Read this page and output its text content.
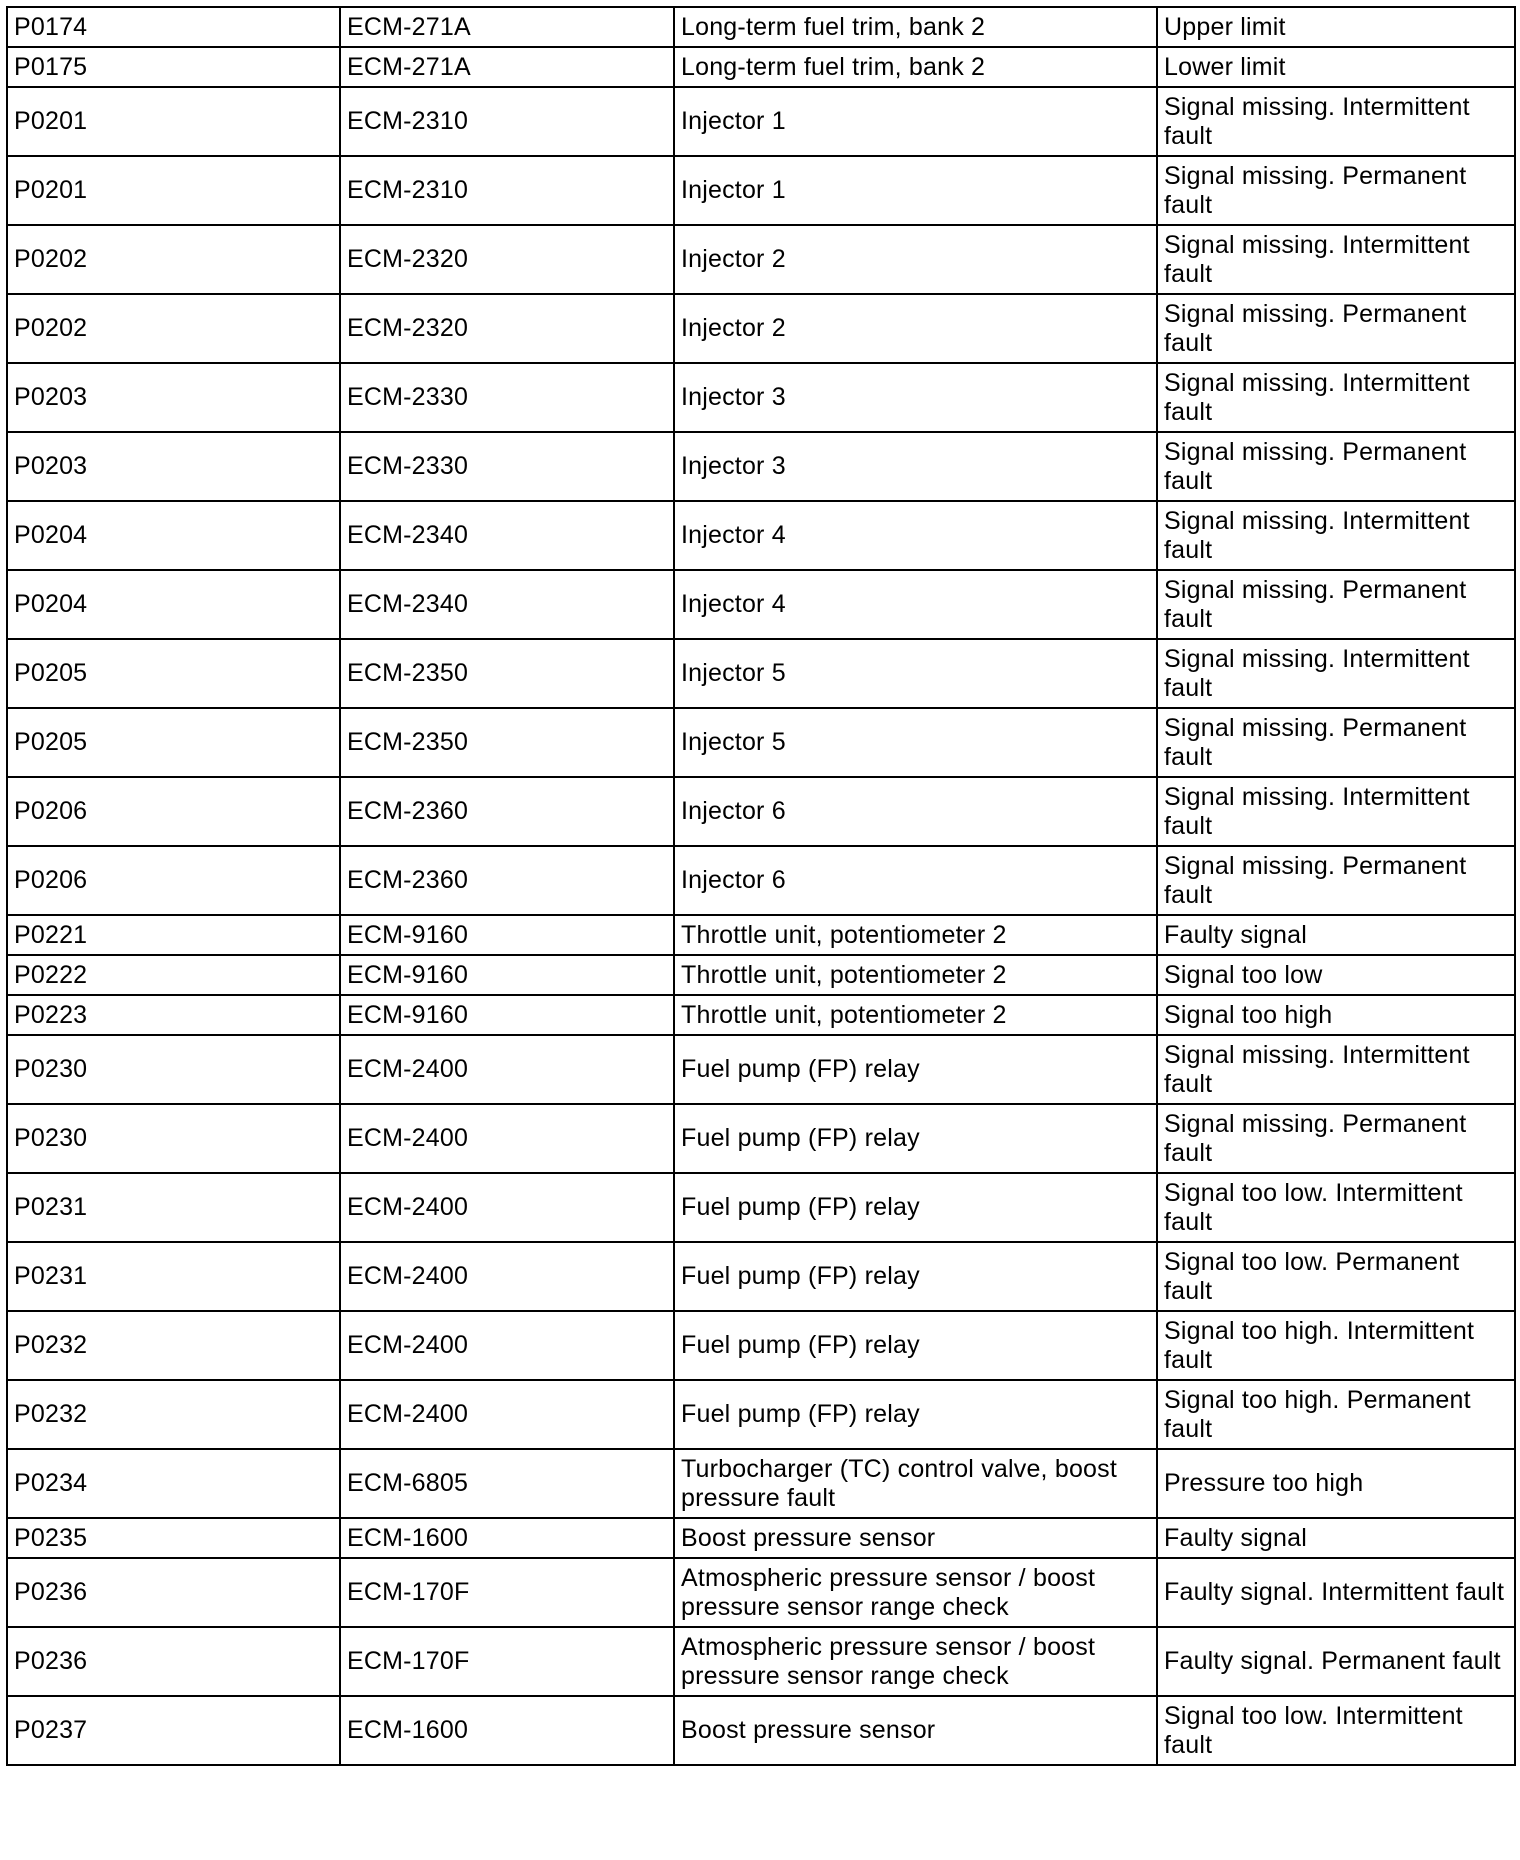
P0174	ECM-271A	Long-term fuel trim, bank 2	Upper limit
P0175	ECM-271A	Long-term fuel trim, bank 2	Lower limit
P0201	ECM-2310	Injector 1	Signal missing. Intermittent fault
P0201	ECM-2310	Injector 1	Signal missing. Permanent fault
P0202	ECM-2320	Injector 2	Signal missing. Intermittent fault
P0202	ECM-2320	Injector 2	Signal missing. Permanent fault
P0203	ECM-2330	Injector 3	Signal missing. Intermittent fault
P0203	ECM-2330	Injector 3	Signal missing. Permanent fault
P0204	ECM-2340	Injector 4	Signal missing. Intermittent fault
P0204	ECM-2340	Injector 4	Signal missing. Permanent fault
P0205	ECM-2350	Injector 5	Signal missing. Intermittent fault
P0205	ECM-2350	Injector 5	Signal missing. Permanent fault
P0206	ECM-2360	Injector 6	Signal missing. Intermittent fault
P0206	ECM-2360	Injector 6	Signal missing. Permanent fault
P0221	ECM-9160	Throttle unit, potentiometer 2	Faulty signal
P0222	ECM-9160	Throttle unit, potentiometer 2	Signal too low
P0223	ECM-9160	Throttle unit, potentiometer 2	Signal too high
P0230	ECM-2400	Fuel pump (FP) relay	Signal missing. Intermittent fault
P0230	ECM-2400	Fuel pump (FP) relay	Signal missing. Permanent fault
P0231	ECM-2400	Fuel pump (FP) relay	Signal too low. Intermittent fault
P0231	ECM-2400	Fuel pump (FP) relay	Signal too low. Permanent fault
P0232	ECM-2400	Fuel pump (FP) relay	Signal too high. Intermittent fault
P0232	ECM-2400	Fuel pump (FP) relay	Signal too high. Permanent fault
P0234	ECM-6805	Turbocharger (TC) control valve, boost pressure fault	Pressure too high
P0235	ECM-1600	Boost pressure sensor	Faulty signal
P0236	ECM-170F	Atmospheric pressure sensor / boost pressure sensor range check	Faulty signal. Intermittent fault
P0236	ECM-170F	Atmospheric pressure sensor / boost pressure sensor range check	Faulty signal. Permanent fault
P0237	ECM-1600	Boost pressure sensor	Signal too low. Intermittent fault
